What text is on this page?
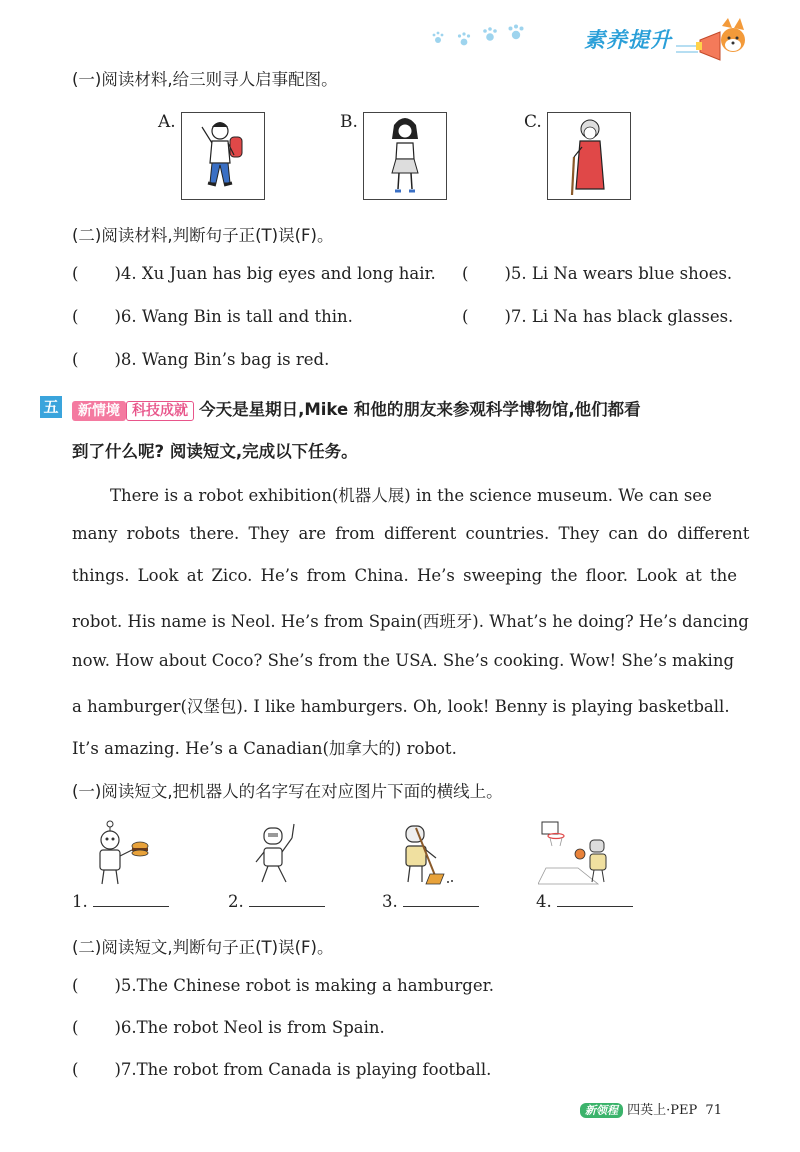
素养提升
(一)阅读材料,给三则寻人启事配图。
A.	B.	C.
(二)阅读材料,判断句子正(T)误(F)。
( )4. Xu Juan has big eyes and long hair. ( )5. Li Na wears blue shoes.
( )6. Wang Bin is tall and thin.	( )7. Li Na has black glasses.
( )8. Wang Bin’s bag is red.
五	新情境 科技成就 今天是星期日,Mike 和他的朋友来参观科学博物馆,他们都看
到了什么呢? 阅读短文,完成以下任务。
There is a robot exhibition(机器人展) in the science museum. We can see
many robots there. They are from different countries. They can do different
things. Look at Zico. He’s from China. He’s sweeping the floor. Look at the
robot. His name is Neol. He’s from Spain(西班牙). What’s he doing? He’s dancing
now. How about Coco? She’s from the USA. She’s cooking. Wow! She’s making
a hamburger(汉堡包). I like hamburgers. Oh, look! Benny is playing basketball.
It’s amazing. He’s a Canadian(加拿大的) robot.
(一)阅读短文,把机器人的名字写在对应图片下面的横线上。
1.	2.	3.	4.
(二)阅读短文,判断句子正(T)误(F)。
( )5.The Chinese robot is making a hamburger.
( )6.The robot Neol is from Spain.
( )7.The robot from Canada is playing football.
新领程 四英上·PEP 71
